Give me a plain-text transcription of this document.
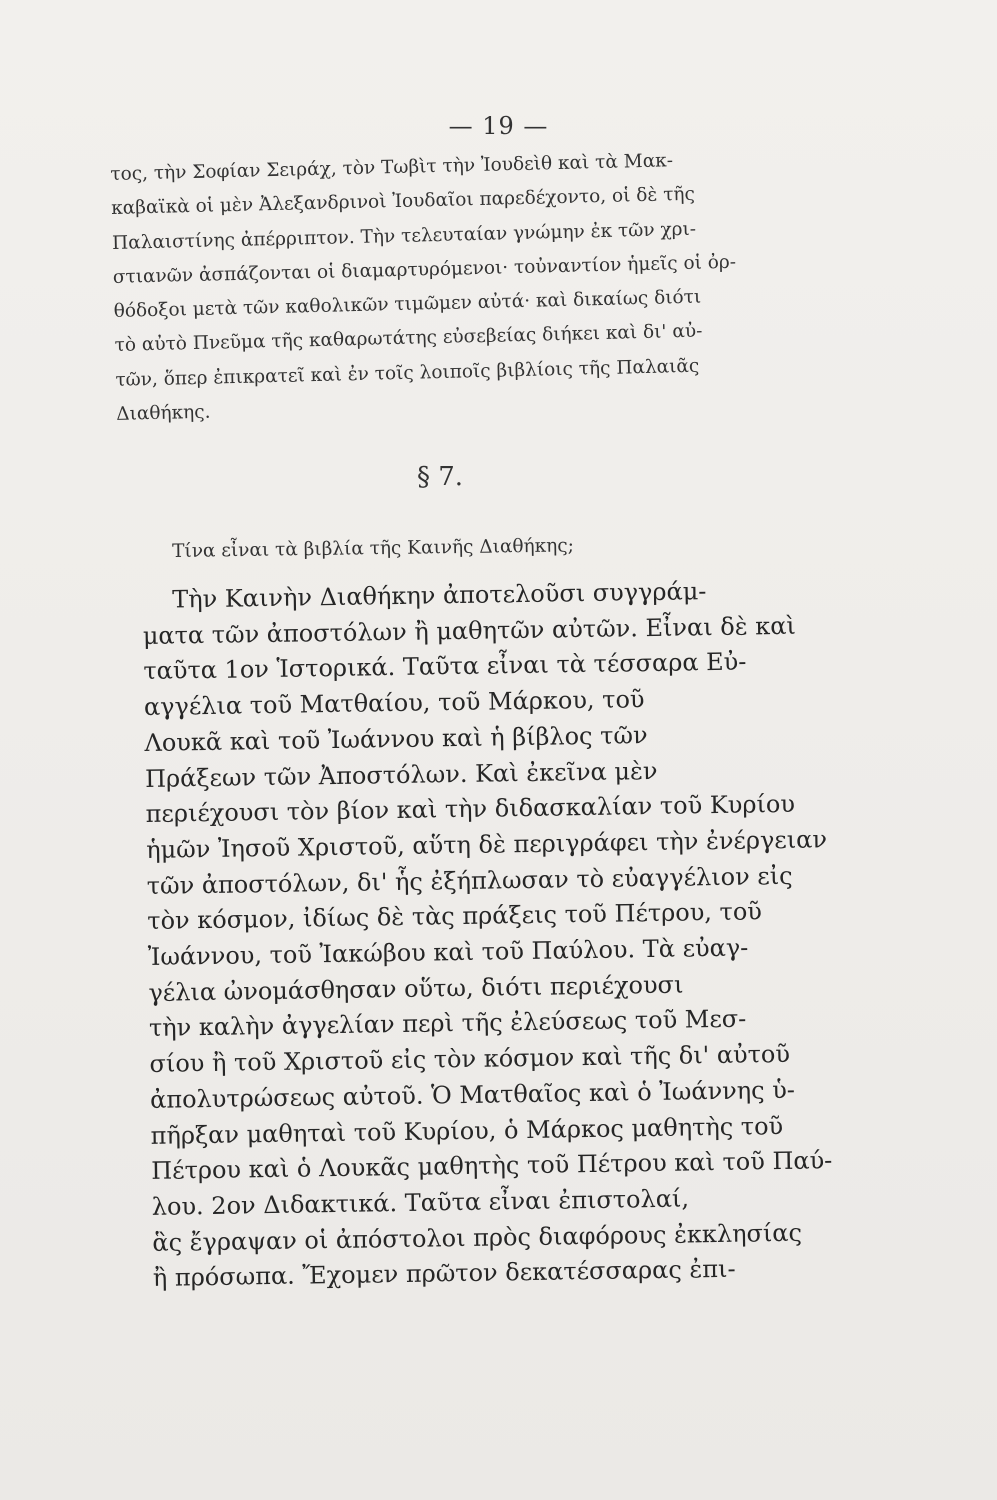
— 19 —
τος, τὴν Σοφίαν Σειράχ, τὸν Τωβὶτ τὴν Ἰουδεὶθ καὶ τὰ Μακ-
καβαϊκὰ οἱ μὲν Ἀλεξανδρινοὶ Ἰουδαῖοι παρεδέχοντο, οἱ δὲ τῆς
Παλαιστίνης ἀπέρριπτον. Τὴν τελευταίαν γνώμην ἐκ τῶν χρι-
στιανῶν ἀσπάζονται οἱ διαμαρτυρόμενοι· τοὐναντίον ἡμεῖς οἱ ὀρ-
θόδοξοι μετὰ τῶν καθολικῶν τιμῶμεν αὐτά· καὶ δικαίως διότι
τὸ αὐτὸ Πνεῦμα τῆς καθαρωτάτης εὐσεβείας διήκει καὶ δι' αὐ-
τῶν, ὅπερ ἐπικρατεῖ καὶ ἐν τοῖς λοιποῖς βιβλίοις τῆς Παλαιᾶς
Διαθήκης.
§ 7.
Τίνα εἶναι τὰ βιβλία τῆς Καινῆς Διαθήκης;
Τὴν Καινὴν Διαθήκην ἀποτελοῦσι συγγράμ-
ματα τῶν ἀποστόλων ἢ μαθητῶν αὐτῶν. Εἶναι δὲ καὶ
ταῦτα 1ον Ἱστορικά. Ταῦτα εἶναι τὰ τέσσαρα Εὐ-
αγγέλια τοῦ Ματθαίου, τοῦ Μάρκου, τοῦ
Λουκᾶ καὶ τοῦ Ἰωάννου καὶ ἡ βίβλος τῶν
Πράξεων τῶν Ἀποστόλων. Καὶ ἐκεῖνα μὲν
περιέχουσι τὸν βίον καὶ τὴν διδασκαλίαν τοῦ Κυρίου
ἡμῶν Ἰησοῦ Χριστοῦ, αὕτη δὲ περιγράφει τὴν ἐνέργειαν
τῶν ἀποστόλων, δι' ἧς ἐξήπλωσαν τὸ εὐαγγέλιον εἰς
τὸν κόσμον, ἰδίως δὲ τὰς πράξεις τοῦ Πέτρου, τοῦ
Ἰωάννου, τοῦ Ἰακώβου καὶ τοῦ Παύλου. Τὰ εὐαγ-
γέλια ὠνομάσθησαν οὕτω, διότι περιέχουσι
τὴν καλὴν ἀγγελίαν περὶ τῆς ἐλεύσεως τοῦ Μεσ-
σίου ἢ τοῦ Χριστοῦ εἰς τὸν κόσμον καὶ τῆς δι' αὐτοῦ
ἀπολυτρώσεως αὐτοῦ. Ὁ Ματθαῖος καὶ ὁ Ἰωάννης ὑ-
πῆρξαν μαθηταὶ τοῦ Κυρίου, ὁ Μάρκος μαθητὴς τοῦ
Πέτρου καὶ ὁ Λουκᾶς μαθητὴς τοῦ Πέτρου καὶ τοῦ Παύ-
λου. 2ον Διδακτικά. Ταῦτα εἶναι ἐπιστολαί,
ἃς ἔγραψαν οἱ ἀπόστολοι πρὸς διαφόρους ἐκκλησίας
ἢ πρόσωπα. Ἔχομεν πρῶτον δεκατέσσαρας ἐπι-
